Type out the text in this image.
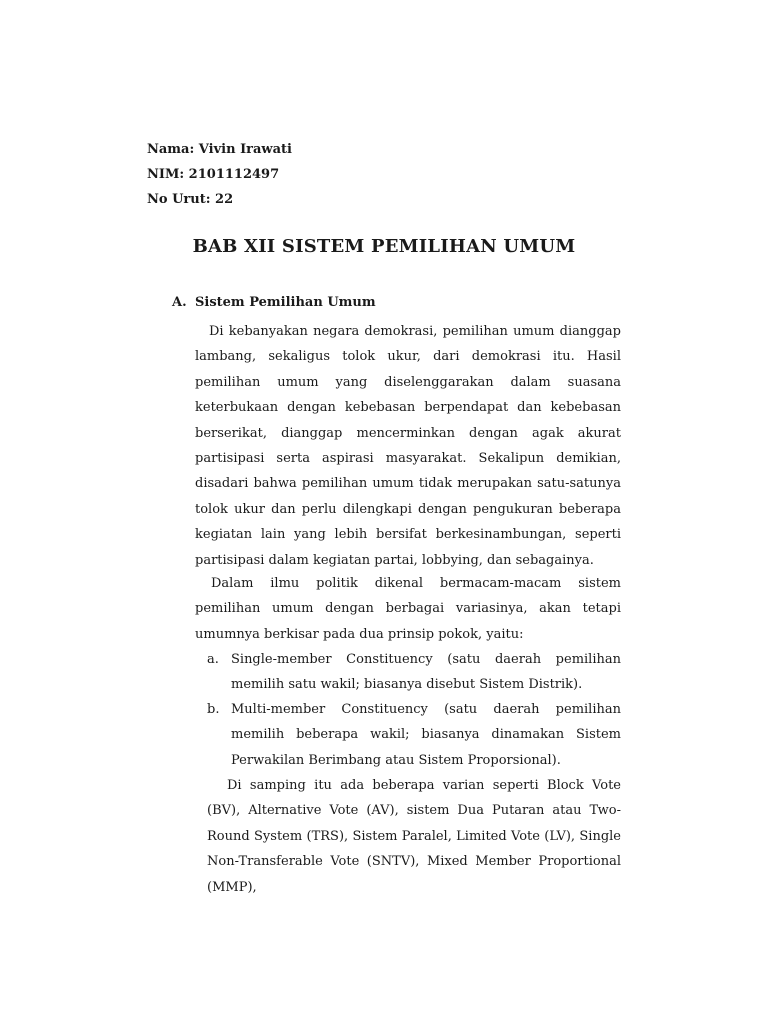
Nama: Vivin Irawati
NIM: 2101112497
No Urut: 22
BAB XII SISTEM PEMILIHAN UMUM
A. Sistem Pemilihan Umum
Di kebanyakan negara demokrasi, pemilihan umum dianggap lambang, sekaligus tolok ukur, dari demokrasi itu. Hasil pemilihan umum yang diselenggarakan dalam suasana keterbukaan dengan kebebasan berpendapat dan kebebasan berserikat, dianggap mencerminkan dengan agak akurat partisipasi serta aspirasi masyarakat. Sekalipun demikian, disadari bahwa pemilihan umum tidak merupakan satu-satunya tolok ukur dan perlu dilengkapi dengan pengukuran beberapa kegiatan lain yang lebih bersifat berkesinambungan, seperti partisipasi dalam kegiatan partai, lobbying, dan sebagainya.
Dalam ilmu politik dikenal bermacam-macam sistem pemilihan umum dengan berbagai variasinya, akan tetapi umumnya berkisar pada dua prinsip pokok, yaitu:
a. Single-member Constituency (satu daerah pemilihan memilih satu wakil; biasanya disebut Sistem Distrik).
b. Multi-member Constituency (satu daerah pemilihan memilih beberapa wakil; biasanya dinamakan Sistem Perwakilan Berimbang atau Sistem Proporsional).
Di samping itu ada beberapa varian seperti Block Vote (BV), Alternative Vote (AV), sistem Dua Putaran atau Two-Round System (TRS), Sistem Paralel, Limited Vote (LV), Single Non-Transferable Vote (SNTV), Mixed Member Proportional (MMP),
